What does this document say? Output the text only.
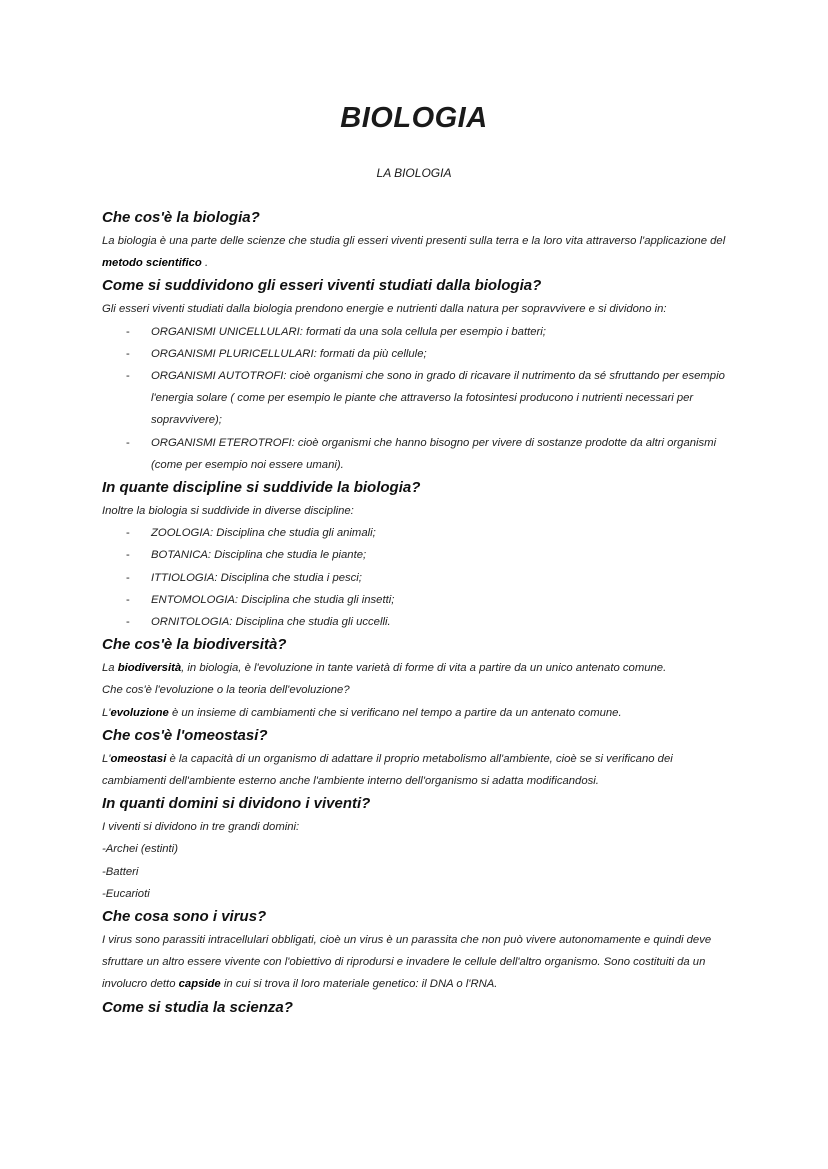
BIOLOGIA
LA BIOLOGIA
Che cos'è la biologia?

La biologia è una parte delle scienze che studia gli esseri viventi presenti sulla terra e la loro vita attraverso l'applicazione del metodo scientifico .

Come si suddividono gli esseri viventi studiati dalla biologia?

Gli esseri viventi studiati dalla biologia prendono energie e nutrienti dalla natura per sopravvivere e si dividono in:

- ORGANISMI UNICELLULARI: formati da una sola cellula per esempio i batteri;
- ORGANISMI PLURICELLULARI: formati da più cellule;
- ORGANISMI AUTOTROFI: cioè organismi che sono in grado di ricavare il nutrimento da sé sfruttando per esempio l'energia solare ( come per esempio le piante che attraverso la fotosintesi producono i nutrienti necessari per sopravvivere);
- ORGANISMI ETEROTROFI: cioè organismi che hanno bisogno per vivere di sostanze prodotte da altri organismi (come per esempio noi essere umani).
In quante discipline si suddivide la biologia?

Inoltre la biologia si suddivide in diverse discipline:

- ZOOLOGIA: Disciplina che studia gli animali;
- BOTANICA: Disciplina che studia le piante;
- ITTIOLOGIA: Disciplina che studia i pesci;
- ENTOMOLOGIA: Disciplina che studia gli insetti;
- ORNITOLOGIA: Disciplina che studia gli uccelli.
Che cos'è la biodiversità?

La biodiversità, in biologia, è l'evoluzione in tante varietà di forme di vita a partire da un unico antenato comune.

Che cos'è l'evoluzione o la teoria dell'evoluzione?

L'evoluzione è un insieme di cambiamenti che si verificano nel tempo a partire da un antenato comune.

Che cos'è l'omeostasi?

L'omeostasi è la capacità di un organismo di adattare il proprio metabolismo all'ambiente, cioè se si verificano dei cambiamenti dell'ambiente esterno anche l'ambiente interno dell'organismo si adatta modificandosi.

In quanti domini si dividono i viventi?

I viventi si dividono in tre grandi domini:

-Archei (estinti)

-Batteri

-Eucarioti

Che cosa sono i virus?

I virus sono parassiti intracellulari obbligati, cioè un virus è un parassita che non può vivere autonomamente e quindi deve sfruttare un altro essere vivente con l'obiettivo di riprodursi e invadere le cellule dell'altro organismo. Sono costituiti da un involucro detto capside in cui si trova il loro materiale genetico: il DNA o l'RNA.

Come si studia la scienza?
